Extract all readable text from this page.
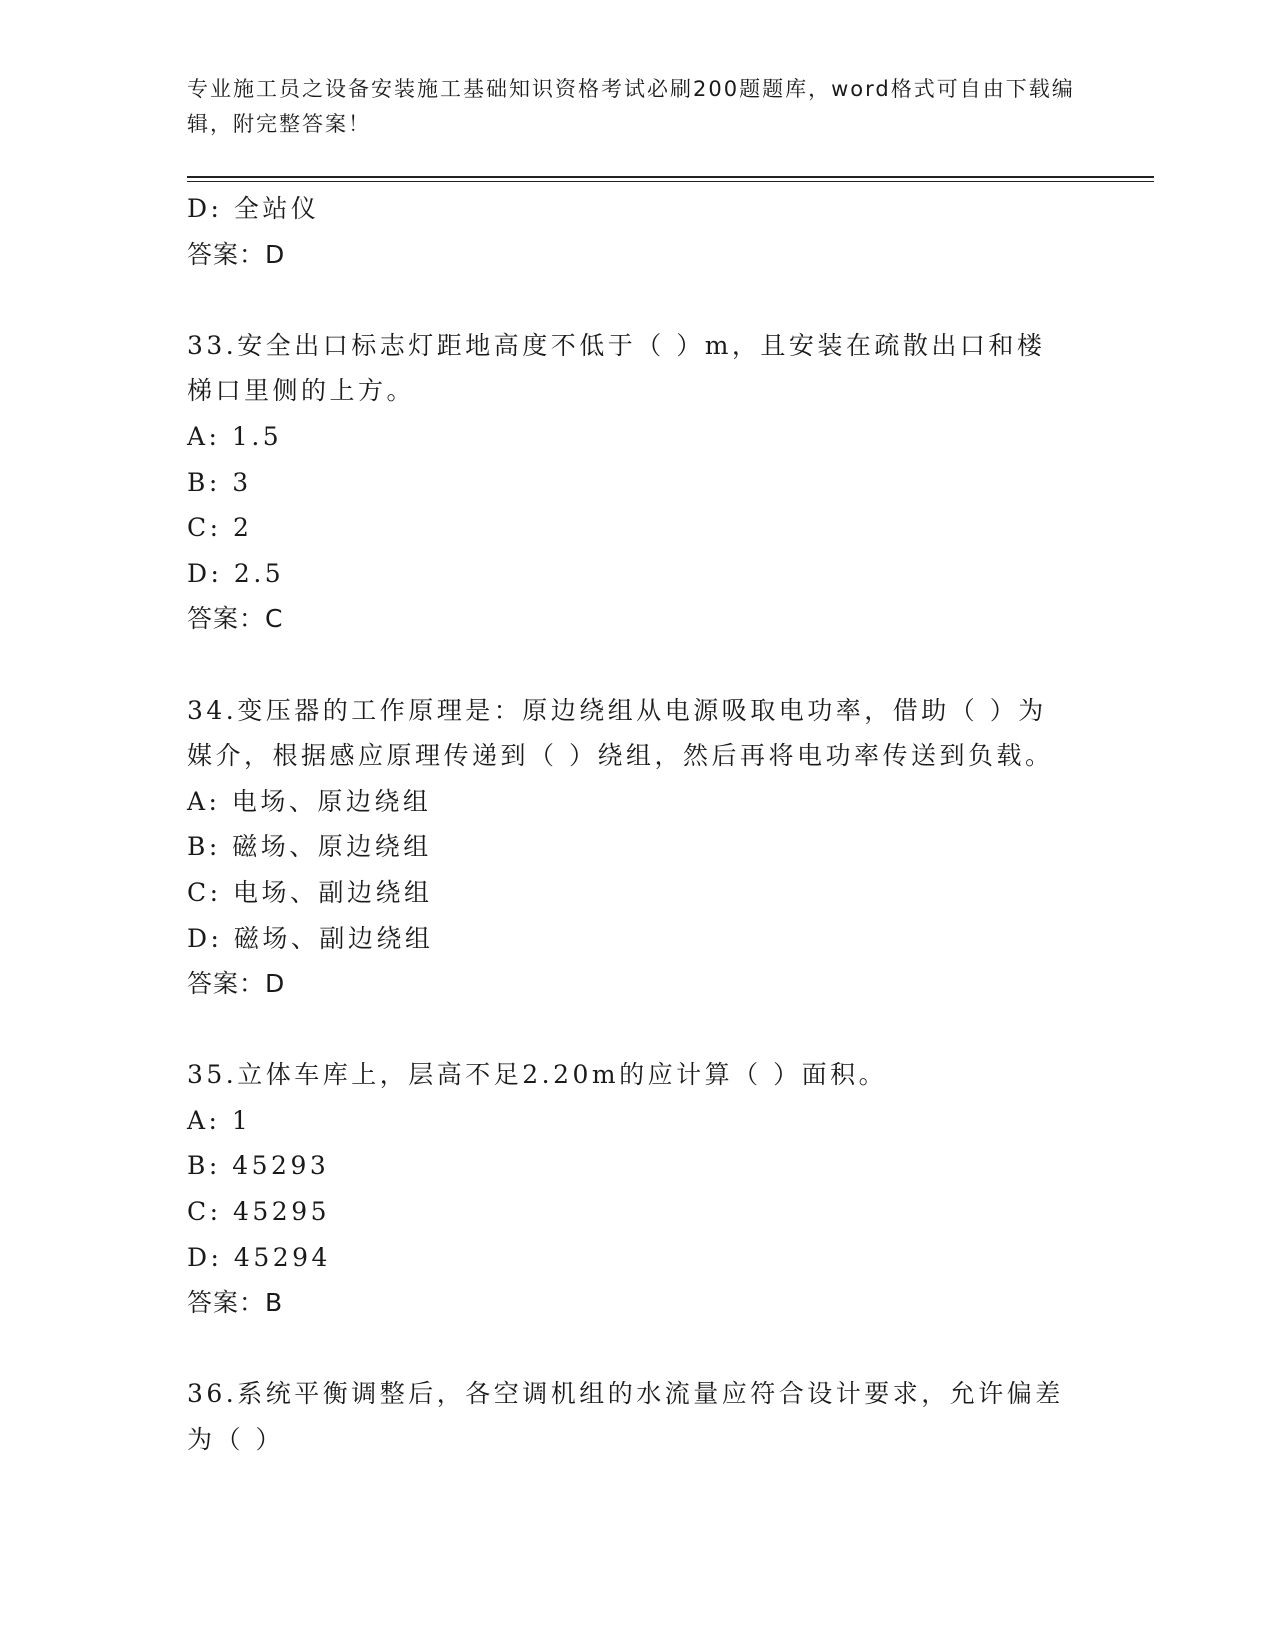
专业施工员之设备安装施工基础知识资格考试必刷200题题库，word格式可自由下载编辑，附完整答案！
D: 全站仪
答案：D
33.安全出口标志灯距地高度不低于（ ）m，且安装在疏散出口和楼梯口里侧的上方。
A: 1.5
B: 3
C: 2
D: 2.5
答案：C
34.变压器的工作原理是：原边绕组从电源吸取电功率，借助（ ）为媒介，根据感应原理传递到（ ）绕组，然后再将电功率传送到负载。
A: 电场、原边绕组
B: 磁场、原边绕组
C: 电场、副边绕组
D: 磁场、副边绕组
答案：D
35.立体车库上，层高不足2.20m的应计算（ ）面积。
A: 1
B: 45293
C: 45295
D: 45294
答案：B
36.系统平衡调整后，各空调机组的水流量应符合设计要求，允许偏差为（ ）
